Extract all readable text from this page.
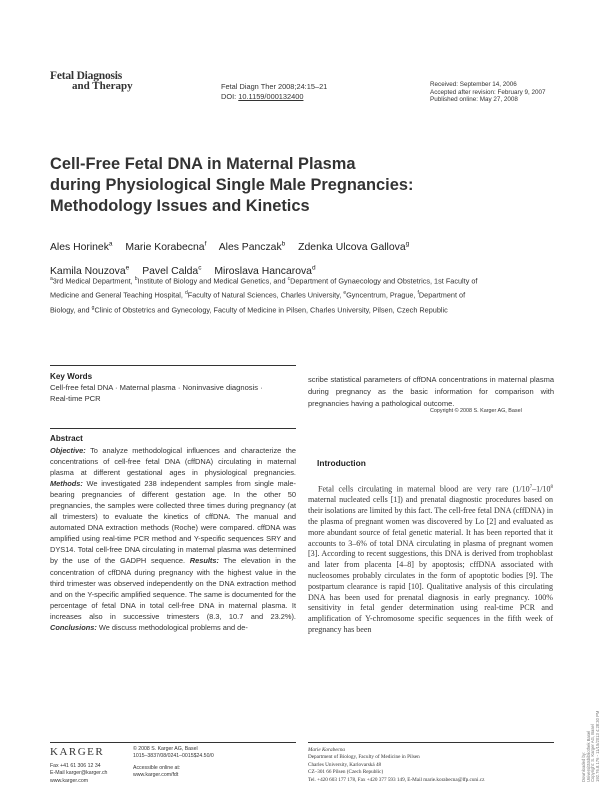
Fetal Diagnosis
and Therapy	Fetal Diagn Ther 2008;24:15–21
DOI: 10.1159/000132400
Received: September 14, 2006
Accepted after revision: February 9, 2007
Published online: May 27, 2008
Cell-Free Fetal DNA in Maternal Plasma
during Physiological Single Male Pregnancies:
Methodology Issues and Kinetics
Ales Horinek$^a$ Marie Korabecna$^f$ Ales Panczak$^b$ Zdenka Ulcova Gallova$^g$
Kamila Nouzova$^e$ Pavel Calda$^c$ Miroslava Hancarova$^d$
$^a$3rd Medical Department, $^b$Institute of Biology and Medical Genetics, and $^c$Department of Gynaecology and Obstetrics, 1st Faculty of Medicine and General Teaching Hospital, $^d$Faculty of Natural Sciences, Charles University, $^e$Gyncentrum, Prague, $^f$Department of Biology, and $^g$Clinic of Obstetrics and Gynecology, Faculty of Medicine in Pilsen, Charles University, Pilsen, Czech Republic
Key Words
Cell-free fetal DNA · Maternal plasma · Noninvasive diagnosis · Real-time PCR
Abstract
Objective: To analyze methodological influences and characterize the concentrations of cell-free fetal DNA (cffDNA) circulating in maternal plasma at different gestational ages in physiological pregnancies. Methods: We investigated 238 independent samples from single male-bearing pregnancies of different gestation age. In the other 50 pregnancies, the samples were collected three times during pregnancy (at all trimesters) to evaluate the kinetics of cffDNA. The manual and automated DNA extraction methods (Roche) were compared. cffDNA was amplified using real-time PCR method and Y-specific sequences SRY and DYS14. Total cell-free DNA circulating in maternal plasma was determined by the use of the GADPH sequence. Results: The elevation in the concentration of cffDNA during pregnancy with the highest value in the third trimester was observed independently on the DNA extraction method and on the Y-specific amplified sequence. The same is documented for the percentage of fetal DNA in total cell-free DNA in maternal plasma. It increases also in successive trimesters (8.3, 10.7 and 23.2%). Conclusions: We discuss methodological problems and de-
scribe statistical parameters of cffDNA concentrations in maternal plasma during pregnancy as the basic information for comparison with pregnancies having a pathological outcome.
Copyright © 2008 S. Karger AG, Basel
Introduction

Fetal cells circulating in maternal blood are very rare ($1/10^7-1/10^8$ maternal nucleated cells [1]) and prenatal diagnostic procedures based on their isolations are limited by this fact. The cell-free fetal DNA (cffDNA) in the plasma of pregnant women was discovered by Lo [2] and evaluated as more abundant source of fetal genetic material. It has been reported that it accounts to 3–6% of total DNA circulating in plasma of pregnant women [3]. According to recent suggestions, this DNA is derived from trophoblast and later from placenta [4–8] by apoptosis; cffDNA associated with nucleosomes probably circulates in the form of apoptotic bodies [9]. The postpartum clearance is rapid [10]. Qualitative analysis of this circulating DNA has been used for prenatal diagnosis in early pregnancy. 100% sensitivity in fetal gender determination using real-time PCR and amplification of Y-chromosome specific sequences in the fifth week of pregnancy has been

KARGER
Fax +41 61 306 12 34
E-Mail karger@karger.ch
www.karger.com
© 2008 S. Karger AG, Basel
1015–3837/08/0241–0015$24.50/0
Accessible online at:
www.karger.com/fdt
Marie Korabecna
Department of Biology, Faculty of Medicine in Pilsen
Charles University, Karlovarská 48
CZ–301 66 Pilsen (Czech Republic)
Tel. +420 603 177 178, Fax +420 377 593 149, E-Mail marie.korabecna@lfp.cuni.cz	Downloaded by: Universitätsbibliothek Basel Copyright: S. Karger AG, Basel 192.76.8.176 - 11/15/2013 4:28:30 PM
